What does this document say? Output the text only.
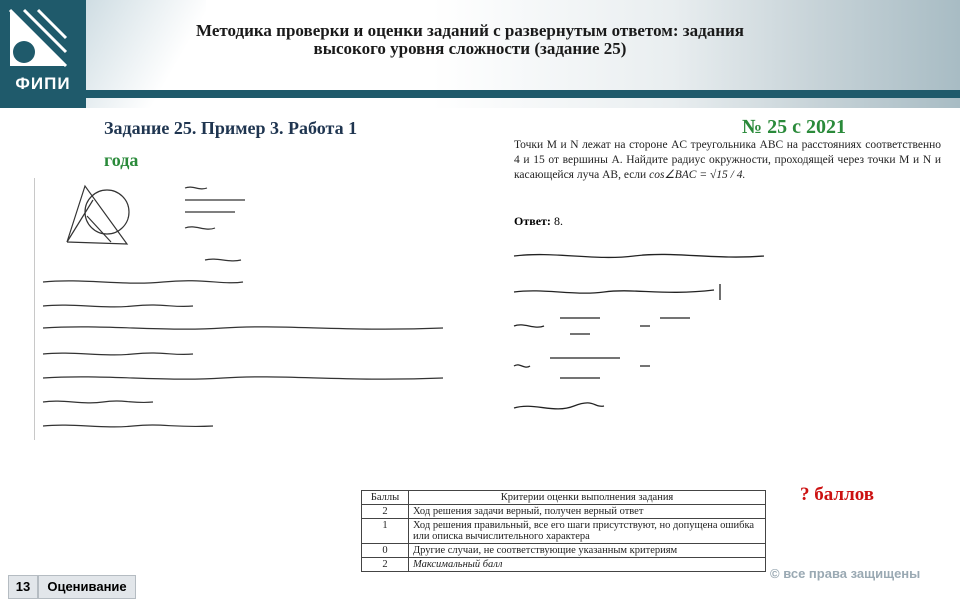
ФИПИ
Методика проверки и оценки заданий с развернутым ответом: задания
высокого уровня сложности (задание 25)
Задание 25. Пример 3. Работа 1
года
№ 25 с 2021
Точки M и N лежат на стороне AC треугольника ABC на расстояниях соответственно 4 и 15 от вершины A. Найдите радиус окружности, проходящей через точки M и N и касающейся луча AB, если cos∠BAC = √15 / 4.
Ответ: 8.
? баллов
Баллы	Критерии оценки выполнения задания
2	Ход решения задачи верный, получен верный ответ
1	Ход решения правильный, все его шаги присутствуют, но допущена ошибка или описка вычислительного характера
0	Другие случаи, не соответствующие указанным критериям
2	Максимальный балл
© все права защищены
13	Оценивание
